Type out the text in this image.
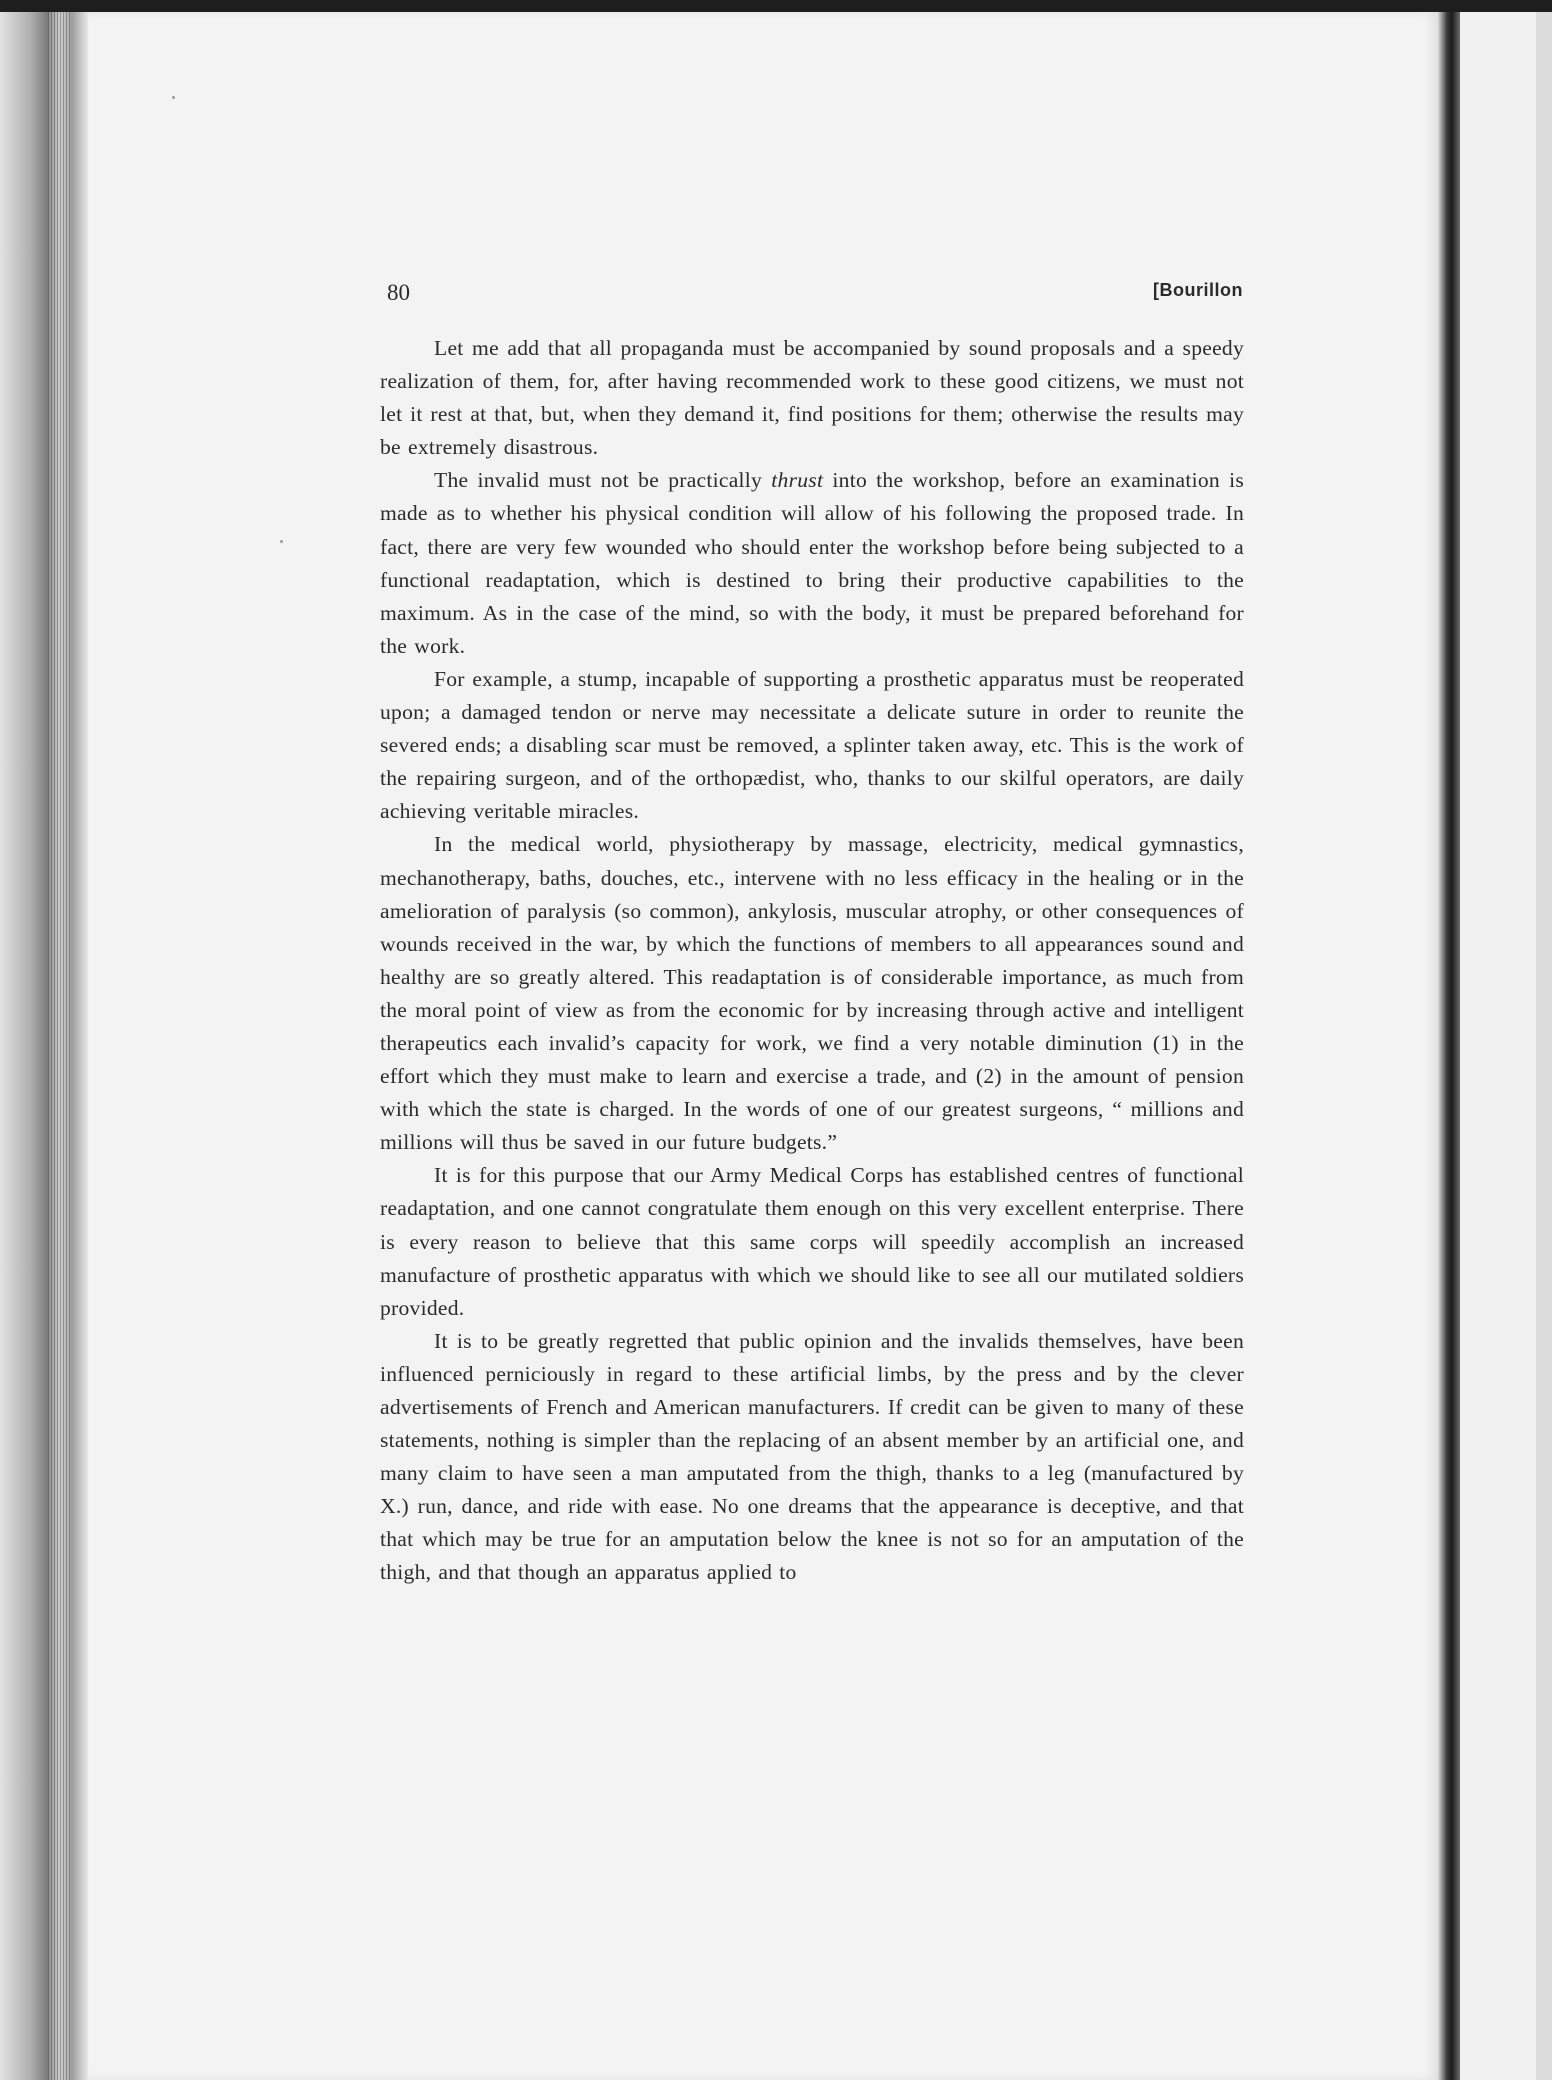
80	[Bourillon

Let me add that all propaganda must be accompanied by sound proposals and a speedy realization of them, for, after having recommended work to these good citizens, we must not let it rest at that, but, when they demand it, find positions for them; otherwise the results may be extremely disastrous.

The invalid must not be practically thrust into the workshop, before an examination is made as to whether his physical condition will allow of his following the proposed trade. In fact, there are very few wounded who should enter the workshop before being subjected to a functional readaptation, which is destined to bring their productive capabilities to the maximum. As in the case of the mind, so with the body, it must be prepared beforehand for the work.

For example, a stump, incapable of supporting a prosthetic apparatus must be reoperated upon; a damaged tendon or nerve may necessitate a delicate suture in order to reunite the severed ends; a disabling scar must be removed, a splinter taken away, etc. This is the work of the repairing surgeon, and of the orthopædist, who, thanks to our skilful operators, are daily achieving veritable miracles.

In the medical world, physiotherapy by massage, electricity, medical gymnastics, mechanotherapy, baths, douches, etc., intervene with no less efficacy in the healing or in the amelioration of paralysis (so common), ankylosis, muscular atrophy, or other consequences of wounds received in the war, by which the functions of members to all appearances sound and healthy are so greatly altered. This readaptation is of considerable importance, as much from the moral point of view as from the economic for by increasing through active and intelligent therapeutics each invalid’s capacity for work, we find a very notable diminution (1) in the effort which they must make to learn and exercise a trade, and (2) in the amount of pension with which the state is charged. In the words of one of our greatest surgeons, “ millions and millions will thus be saved in our future budgets.”

It is for this purpose that our Army Medical Corps has established centres of functional readaptation, and one cannot congratulate them enough on this very excellent enterprise. There is every reason to believe that this same corps will speedily accomplish an increased manufacture of prosthetic apparatus with which we should like to see all our mutilated soldiers provided.

It is to be greatly regretted that public opinion and the invalids themselves, have been influenced perniciously in regard to these artificial limbs, by the press and by the clever advertisements of French and American manufacturers. If credit can be given to many of these statements, nothing is simpler than the replacing of an absent member by an artificial one, and many claim to have seen a man amputated from the thigh, thanks to a leg (manufactured by X.) run, dance, and ride with ease. No one dreams that the appearance is deceptive, and that that which may be true for an amputation below the knee is not so for an amputation of the thigh, and that though an apparatus applied to
